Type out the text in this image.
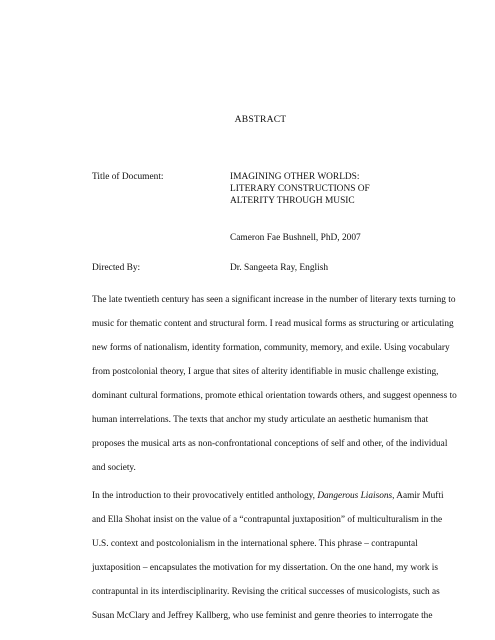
ABSTRACT
Title of Document:	IMAGINING OTHER WORLDS:
LITERARY CONSTRUCTIONS OF
ALTERITY THROUGH MUSIC
Cameron Fae Bushnell, PhD, 2007
Directed By:	Dr. Sangeeta Ray, English
The late twentieth century has seen a significant increase in the number of literary texts turning to
music for thematic content and structural form. I read musical forms as structuring or articulating
new forms of nationalism, identity formation, community, memory, and exile. Using vocabulary
from postcolonial theory, I argue that sites of alterity identifiable in music challenge existing,
dominant cultural formations, promote ethical orientation towards others, and suggest openness to
human interrelations. The texts that anchor my study articulate an aesthetic humanism that
proposes the musical arts as non-confrontational conceptions of self and other, of the individual
and society.
In the introduction to their provocatively entitled anthology, Dangerous Liaisons, Aamir Mufti
and Ella Shohat insist on the value of a “contrapuntal juxtaposition” of multiculturalism in the
U.S. context and postcolonialism in the international sphere. This phrase – contrapuntal
juxtaposition – encapsulates the motivation for my dissertation. On the one hand, my work is
contrapuntal in its interdisciplinarity. Revising the critical successes of musicologists, such as
Susan McClary and Jeffrey Kallberg, who use feminist and genre theories to interrogate the
